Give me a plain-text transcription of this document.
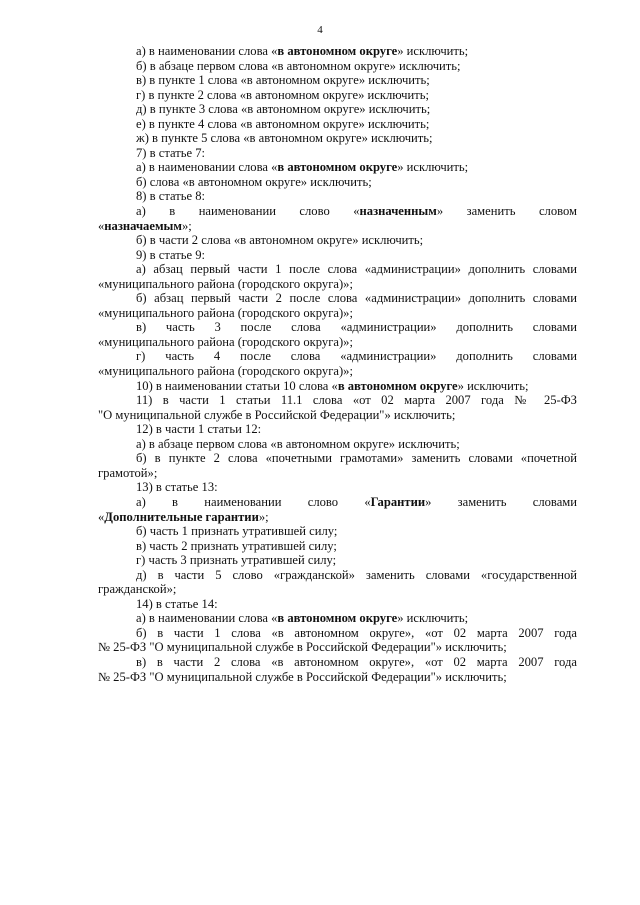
4

а) в наименовании слова «в автономном округе» исключить;

б) в абзаце первом слова «в автономном округе» исключить;

в) в пункте 1 слова «в автономном округе» исключить;

г) в пункте 2 слова «в автономном округе» исключить;

д) в пункте 3 слова «в автономном округе» исключить;

е) в пункте 4 слова «в автономном округе» исключить;

ж) в пункте 5 слова «в автономном округе» исключить;

7) в статье 7:

а) в наименовании слова «в автономном округе» исключить;

б) слова «в автономном округе» исключить;

8) в статье 8:

а) в наименовании слово «назначенным» заменить словом

«назначаемым»;

б) в части 2 слова «в автономном округе» исключить;

9) в статье 9:

а) абзац первый части 1 после слова «администрации» дополнить словами

«муниципального района (городского округа)»;

б) абзац первый части 2 после слова «администрации» дополнить словами

«муниципального района (городского округа)»;

в) часть 3 после слова «администрации» дополнить словами

«муниципального района (городского округа)»;

г) часть 4 после слова «администрации» дополнить словами

«муниципального района (городского округа)»;

10) в наименовании статьи 10 слова «в автономном округе» исключить;

11) в части 1 статьи 11.1 слова «от 02 марта 2007 года № 25-ФЗ

"О муниципальной службе в Российской Федерации"» исключить;

12) в части 1 статьи 12:

а) в абзаце первом слова «в автономном округе» исключить;

б) в пункте 2 слова «почетными грамотами» заменить словами «почетной

грамотой»;

13) в статье 13:

а) в наименовании слово «Гарантии» заменить словами

«Дополнительные гарантии»;

б) часть 1 признать утратившей силу;

в) часть 2 признать утратившей силу;

г) часть 3 признать утратившей силу;

д) в части 5 слово «гражданской» заменить словами «государственной

гражданской»;

14) в статье 14:

а) в наименовании слова «в автономном округе» исключить;

б) в части 1 слова «в автономном округе», «от 02 марта 2007 года

№ 25-ФЗ "О муниципальной службе в Российской Федерации"» исключить;

в) в части 2 слова «в автономном округе», «от 02 марта 2007 года

№ 25-ФЗ "О муниципальной службе в Российской Федерации"» исключить;
